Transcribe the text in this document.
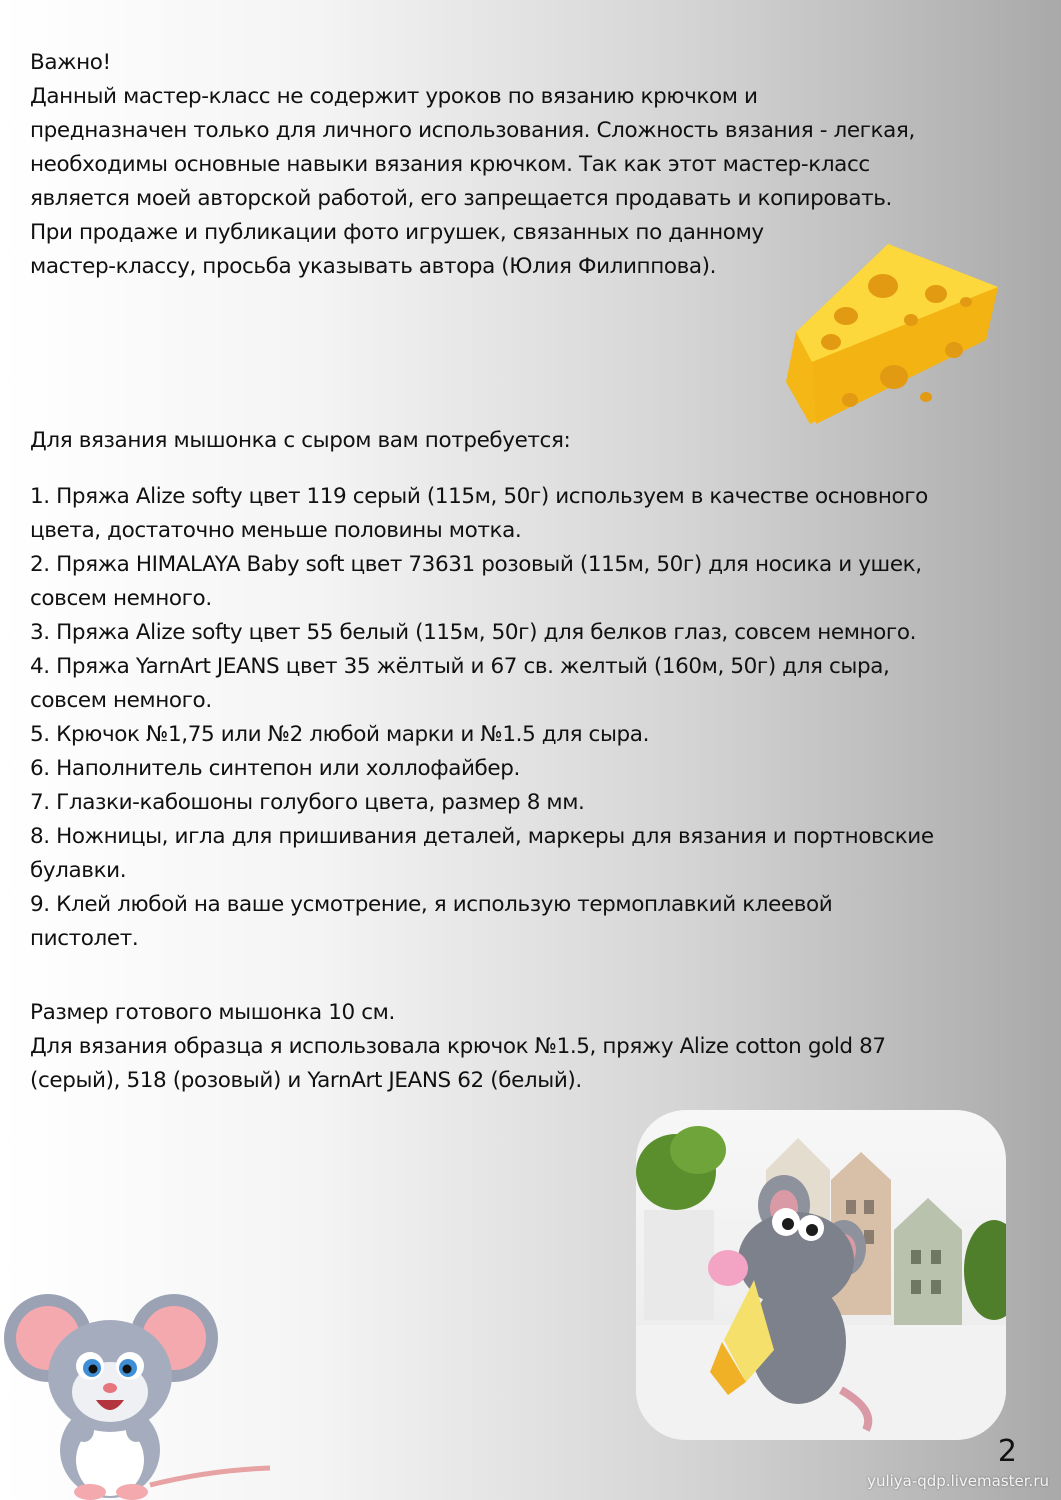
Важно!

Данный мастер-класс не содержит уроков по вязанию крючком и

предназначен только для личного использования. Сложность вязания - легкая,

необходимы основные навыки вязания крючком. Так как этот мастер-класс

является моей авторской работой, его запрещается продавать и копировать.

При продаже и публикации фото игрушек, связанных по данному

мастер-классу, просьба указывать автора (Юлия Филиппова).

Для вязания мышонка с сыром вам потребуется:

1. Пряжа Alize softy цвет 119 серый (115м, 50г) используем в качестве основного

цвета, достаточно меньше половины мотка.

2. Пряжа HIMALAYA Baby soft цвет 73631 розовый (115м, 50г) для носика и ушек,

совсем немного.

3. Пряжа Alize softy цвет 55 белый (115м, 50г) для белков глаз, совсем немного.

4. Пряжа YarnArt JEANS цвет 35 жёлтый и 67 св. желтый (160м, 50г) для сыра,

совсем немного.

5. Крючок №1,75 или №2 любой марки и №1.5 для сыра.

6. Наполнитель синтепон или холлофайбер.

7. Глазки-кабошоны голубого цвета, размер 8 мм.

8. Ножницы, игла для пришивания деталей, маркеры для вязания и портновские

булавки.

9. Клей любой на ваше усмотрение, я использую термоплавкий клеевой

пистолет.

Размер готового мышонка 10 см.

Для вязания образца я использовала крючок №1.5, пряжу Alize cotton gold 87

(серый), 518 (розовый) и YarnArt JEANS 62 (белый).

2
yuliya-qdp.livemaster.ru
